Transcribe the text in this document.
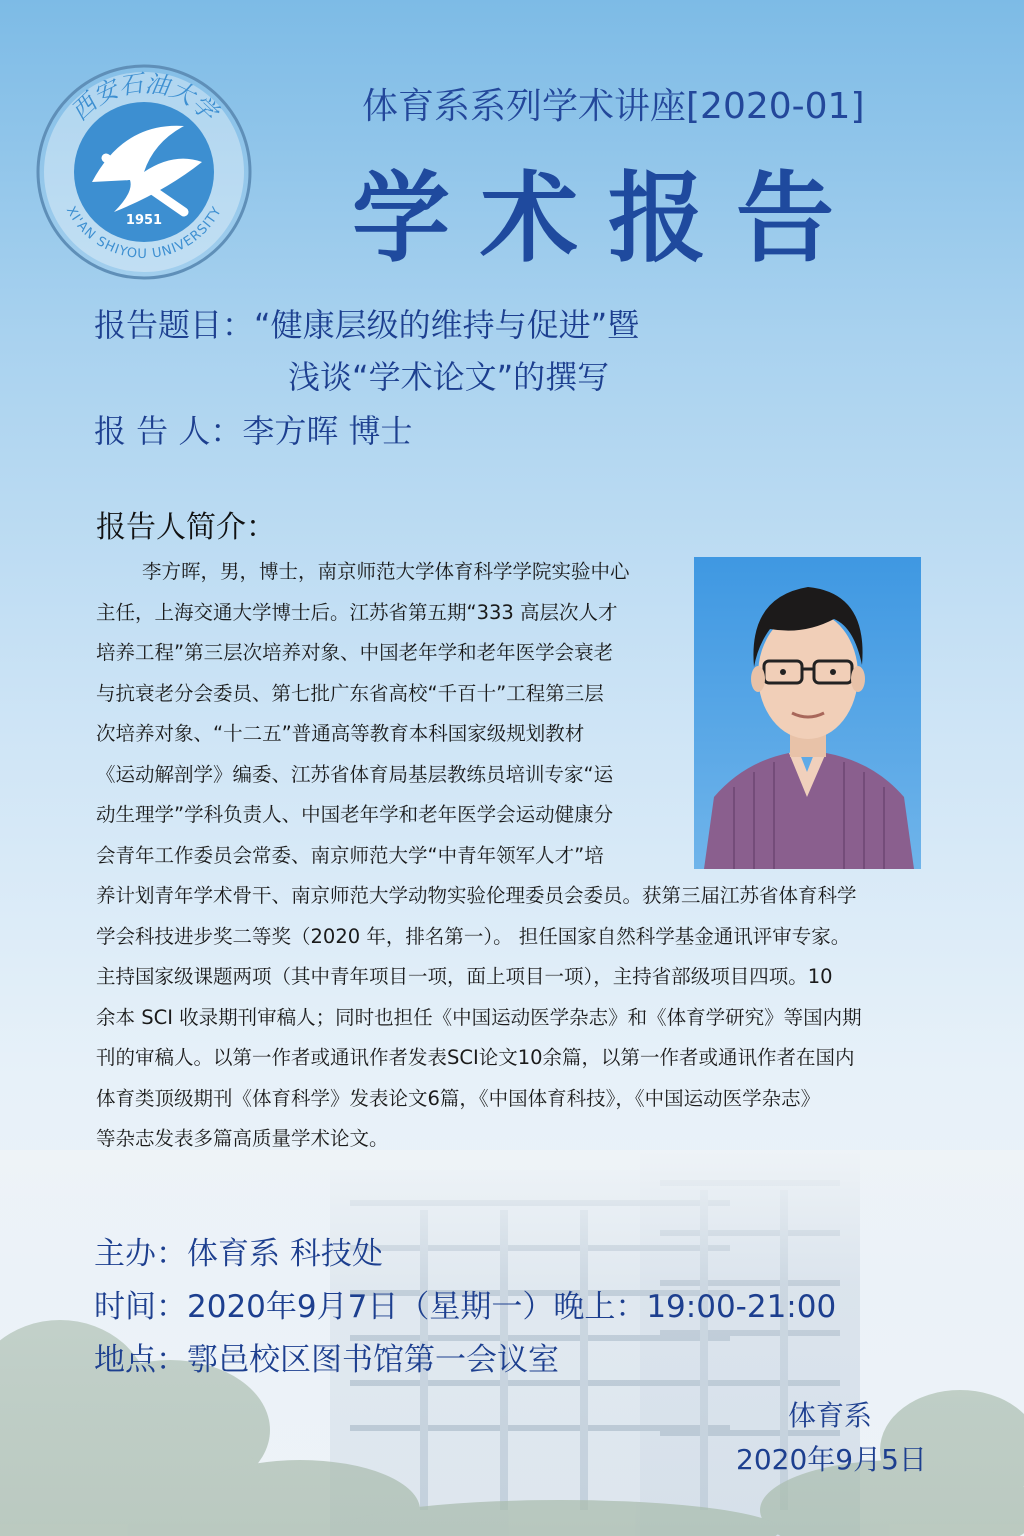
1951
西安石油大学
XI'AN SHIYOU UNIVERSITY
体育系系列学术讲座[2020-01]
学术报告
报告题目：“健康层级的维持与促进”暨
浅谈“学术论文”的撰写
报 告 人：李方晖 博士
报告人简介：
李方晖，男，博士，南京师范大学体育科学学院实验中心
主任，上海交通大学博士后。江苏省第五期“333 高层次人才
培养工程”第三层次培养对象、中国老年学和老年医学会衰老
与抗衰老分会委员、第七批广东省高校“千百十”工程第三层
次培养对象、“十二五”普通高等教育本科国家级规划教材
《运动解剖学》编委、江苏省体育局基层教练员培训专家“运
动生理学”学科负责人、中国老年学和老年医学会运动健康分
会青年工作委员会常委、南京师范大学“中青年领军人才”培
养计划青年学术骨干、南京师范大学动物实验伦理委员会委员。获第三届江苏省体育科学
学会科技进步奖二等奖（2020 年，排名第一）。 担任国家自然科学基金通讯评审专家。
主持国家级课题两项（其中青年项目一项，面上项目一项），主持省部级项目四项。10
余本 SCI 收录期刊审稿人；同时也担任《中国运动医学杂志》和《体育学研究》等国内期
刊的审稿人。以第一作者或通讯作者发表SCI论文10余篇，以第一作者或通讯作者在国内
体育类顶级期刊《体育科学》发表论文6篇，《中国体育科技》，《中国运动医学杂志》
等杂志发表多篇高质量学术论文。
主办：体育系 科技处
时间：2020年9月7日（星期一）晚上：19:00-21:00
地点：鄠邑校区图书馆第一会议室
体育系
2020年9月5日
